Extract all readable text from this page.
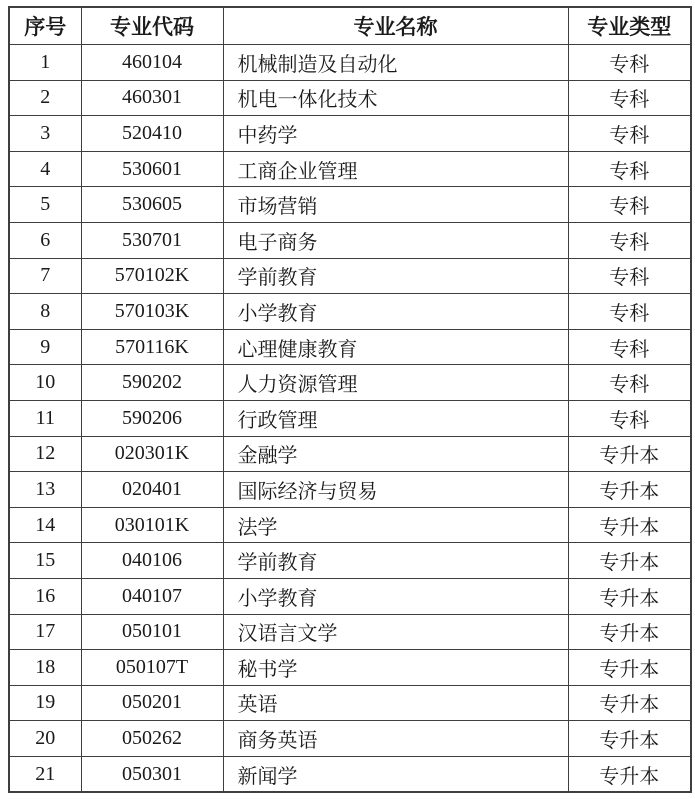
序号	专业代码	专业名称	专业类型
1	460104	机械制造及自动化	专科
2	460301	机电一体化技术	专科
3	520410	中药学	专科
4	530601	工商企业管理	专科
5	530605	市场营销	专科
6	530701	电子商务	专科
7	570102K	学前教育	专科
8	570103K	小学教育	专科
9	570116K	心理健康教育	专科
10	590202	人力资源管理	专科
11	590206	行政管理	专科
12	020301K	金融学	专升本
13	020401	国际经济与贸易	专升本
14	030101K	法学	专升本
15	040106	学前教育	专升本
16	040107	小学教育	专升本
17	050101	汉语言文学	专升本
18	050107T	秘书学	专升本
19	050201	英语	专升本
20	050262	商务英语	专升本
21	050301	新闻学	专升本
